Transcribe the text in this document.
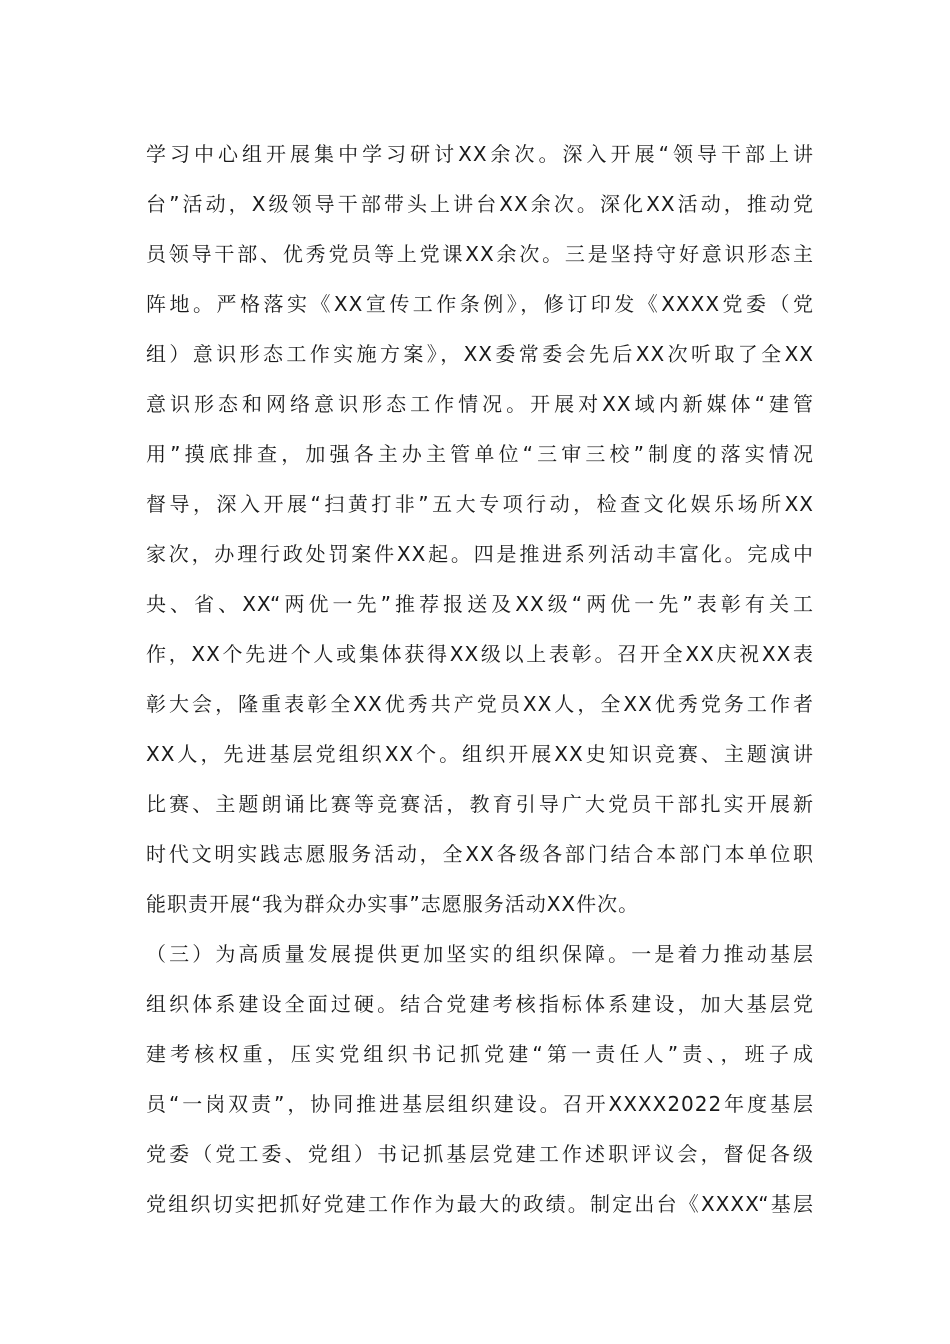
学习中心组开展集中学习研讨XX余次。深入开展“领导干部上讲
台”活动，X级领导干部带头上讲台XX余次。深化XX活动，推动党
员领导干部、优秀党员等上党课XX余次。三是坚持守好意识形态主
阵地。严格落实《XX宣传工作条例》，修订印发《XXXX党委（党
组）意识形态工作实施方案》，XX委常委会先后XX次听取了全XX
意识形态和网络意识形态工作情况。开展对XX域内新媒体“建管
用”摸底排查，加强各主办主管单位“三审三校”制度的落实情况
督导，深入开展“扫黄打非”五大专项行动，检查文化娱乐场所XX
家次，办理行政处罚案件XX起。四是推进系列活动丰富化。完成中
央、省、XX“两优一先”推荐报送及XX级“两优一先”表彰有关工
作，XX个先进个人或集体获得XX级以上表彰。召开全XX庆祝XX表
彰大会，隆重表彰全XX优秀共产党员XX人，全XX优秀党务工作者
XX人，先进基层党组织XX个。组织开展XX史知识竞赛、主题演讲
比赛、主题朗诵比赛等竞赛活，教育引导广大党员干部扎实开展新
时代文明实践志愿服务活动，全XX各级各部门结合本部门本单位职
能职责开展“我为群众办实事”志愿服务活动XX件次。
（三）为高质量发展提供更加坚实的组织保障。一是着力推动基层
组织体系建设全面过硬。结合党建考核指标体系建设，加大基层党
建考核权重，压实党组织书记抓党建“第一责任人”责、，班子成
员“一岗双责”，协同推进基层组织建设。召开XXXX2022年度基层
党委（党工委、党组）书记抓基层党建工作述职评议会，督促各级
党组织切实把抓好党建工作作为最大的政绩。制定出台《XXXX“基层
